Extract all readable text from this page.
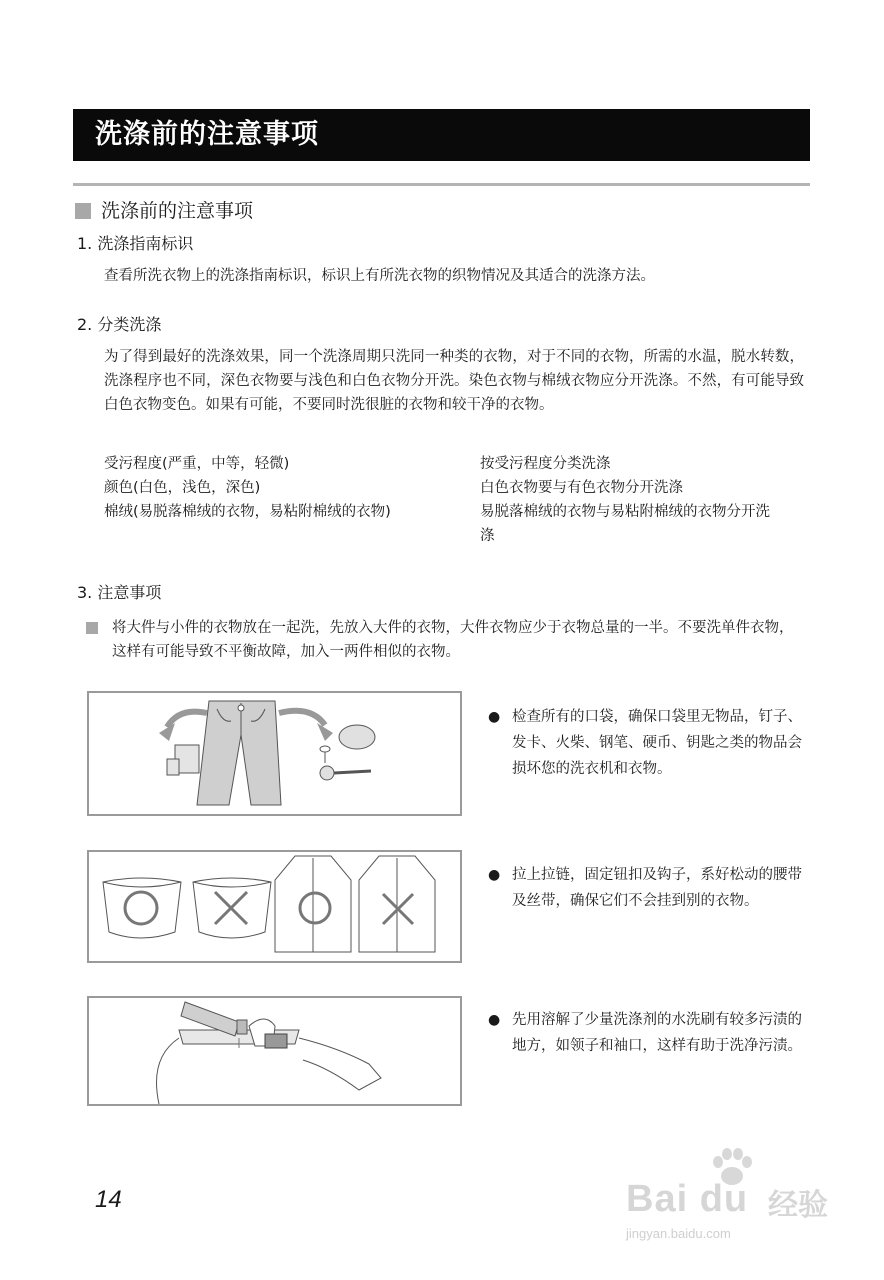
洗涤前的注意事项
洗涤前的注意事项
1. 洗涤指南标识
查看所洗衣物上的洗涤指南标识，标识上有所洗衣物的织物情况及其适合的洗涤方法。
2. 分类洗涤
为了得到最好的洗涤效果，同一个洗涤周期只洗同一种类的衣物，对于不同的衣物，所需的水温，脱水转数，洗涤程序也不同，深色衣物要与浅色和白色衣物分开洗。染色衣物与棉绒衣物应分开洗涤。不然，有可能导致白色衣物变色。如果有可能，不要同时洗很脏的衣物和较干净的衣物。
受污程度(严重，中等，轻微)	按受污程度分类洗涤
颜色(白色，浅色，深色)	白色衣物要与有色衣物分开洗涤
棉绒(易脱落棉绒的衣物，易粘附棉绒的衣物)	易脱落棉绒的衣物与易粘附棉绒的衣物分开洗涤
3. 注意事项
将大件与小件的衣物放在一起洗，先放入大件的衣物，大件衣物应少于衣物总量的一半。不要洗单件衣物，这样有可能导致不平衡故障，加入一两件相似的衣物。
● 检查所有的口袋，确保口袋里无物品，钉子、发卡、火柴、钢笔、硬币、钥匙之类的物品会损坏您的洗衣机和衣物。
● 拉上拉链，固定钮扣及钩子，系好松动的腰带及丝带，确保它们不会挂到别的衣物。
● 先用溶解了少量洗涤剂的水洗刷有较多污渍的地方，如领子和袖口，这样有助于洗净污渍。
14	Bai du 经验
jingyan.baidu.com
